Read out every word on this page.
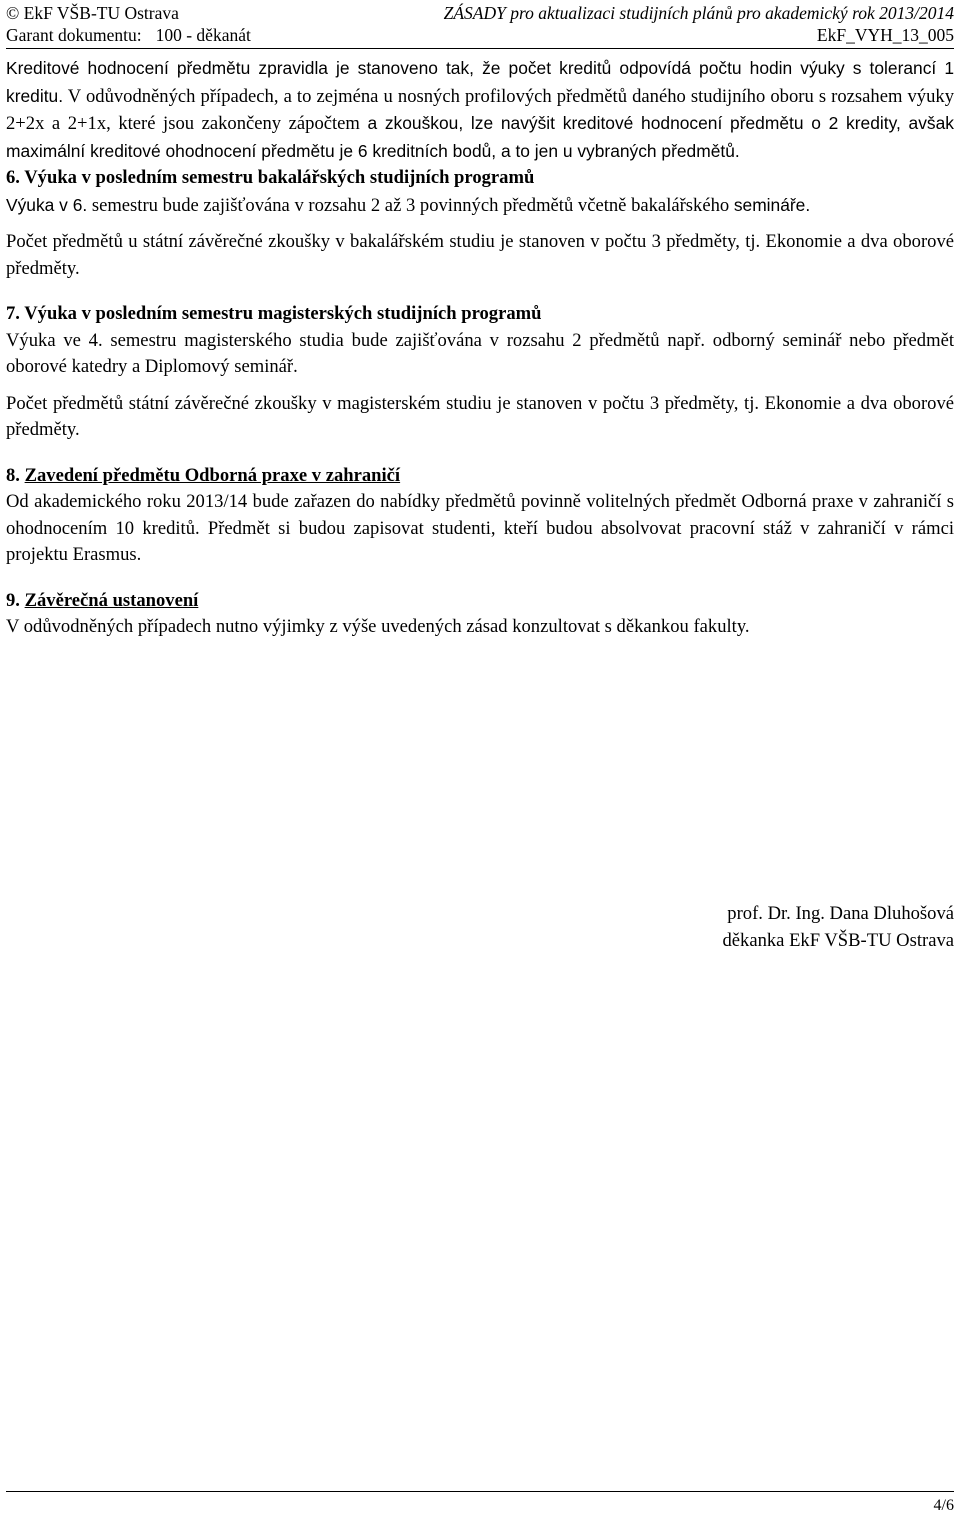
© EkF VŠB-TU Ostrava	ZÁSADY pro aktualizaci studijních plánů pro akademický rok 2013/2014
Garant dokumentu: 100 - děkanát	EkF_VYH_13_005

Kreditové hodnocení předmětu zpravidla je stanoveno tak, že počet kreditů odpovídá počtu hodin výuky s tolerancí 1 kreditu. V odůvodněných případech, a to zejména u nosných profilových předmětů daného studijního oboru s rozsahem výuky 2+2x a 2+1x, které jsou zakončeny zápočtem a zkouškou, lze navýšit kreditové hodnocení předmětu o 2 kredity, avšak maximální kreditové ohodnocení předmětu je 6 kreditních bodů, a to jen u vybraných předmětů.

6. Výuka v posledním semestru bakalářských studijních programů

Výuka v 6. semestru bude zajišťována v rozsahu 2 až 3 povinných předmětů včetně bakalářského semináře.

Počet předmětů u státní závěrečné zkoušky v bakalářském studiu je stanoven v počtu 3 předměty, tj. Ekonomie a dva oborové předměty.

7. Výuka v posledním semestru magisterských studijních programů

Výuka ve 4. semestru magisterského studia bude zajišťována v rozsahu 2 předmětů např. odborný seminář nebo předmět oborové katedry a Diplomový seminář.

Počet předmětů státní závěrečné zkoušky v magisterském studiu je stanoven v počtu 3 předměty, tj. Ekonomie a dva oborové předměty.

8. Zavedení předmětu Odborná praxe v zahraničí

Od akademického roku 2013/14 bude zařazen do nabídky předmětů povinně volitelných předmět Odborná praxe v zahraničí s ohodnocením 10 kreditů. Předmět si budou zapisovat studenti, kteří budou absolvovat pracovní stáž v zahraničí v rámci projektu Erasmus.

9. Závěrečná ustanovení

V odůvodněných případech nutno výjimky z výše uvedených zásad konzultovat s děkankou fakulty.

prof. Dr. Ing. Dana Dluhošová
děkanka EkF VŠB-TU Ostrava
4/6
